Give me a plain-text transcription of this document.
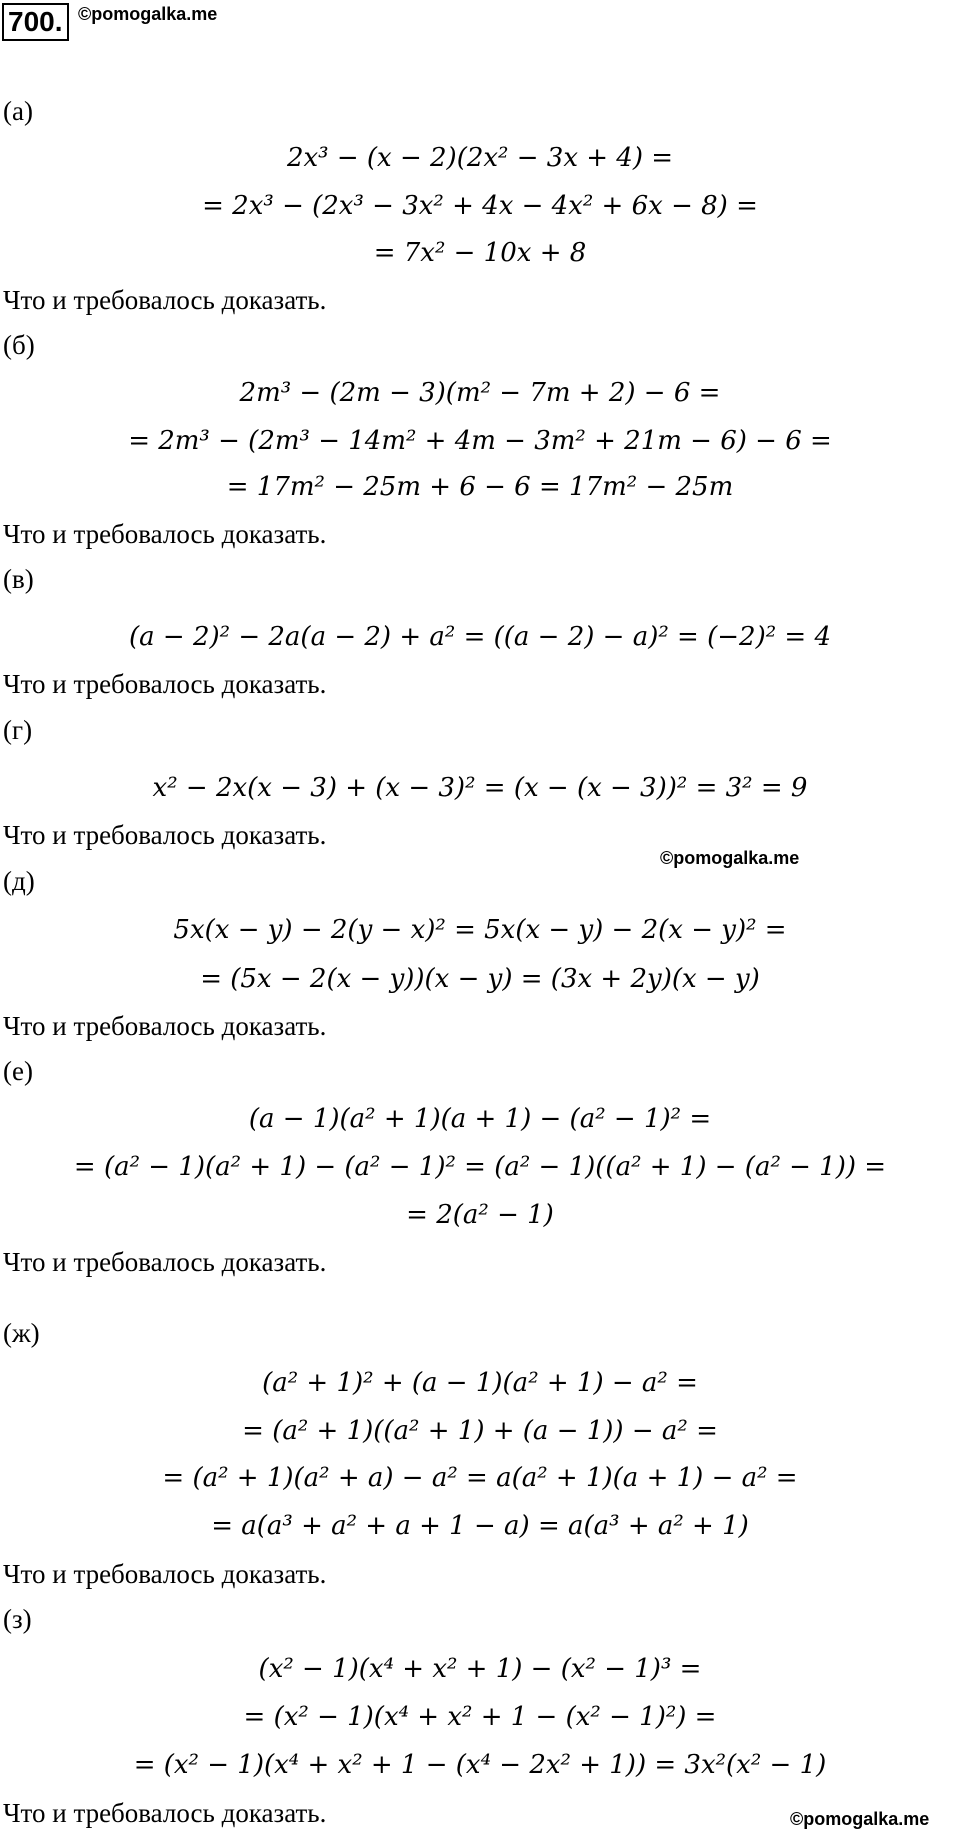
700. ©pomogalka.me
©pomogalka.me
©pomogalka.me
(а)
2x³ − (x − 2)(2x² − 3x + 4) =
= 2x³ − (2x³ − 3x² + 4x − 4x² + 6x − 8) =
= 7x² − 10x + 8
Что и требовалось доказать.
(б)
2m³ − (2m − 3)(m² − 7m + 2) − 6 =
= 2m³ − (2m³ − 14m² + 4m − 3m² + 21m − 6) − 6 =
= 17m² − 25m + 6 − 6 = 17m² − 25m
Что и требовалось доказать.
(в)
(a − 2)² − 2a(a − 2) + a² = ((a − 2) − a)² = (−2)² = 4
Что и требовалось доказать.
(г)
x² − 2x(x − 3) + (x − 3)² = (x − (x − 3))² = 3² = 9
Что и требовалось доказать.
(д)
5x(x − y) − 2(y − x)² = 5x(x − y) − 2(x − y)² =
= (5x − 2(x − y))(x − y) = (3x + 2y)(x − y)
Что и требовалось доказать.
(е)
(a − 1)(a² + 1)(a + 1) − (a² − 1)² =
= (a² − 1)(a² + 1) − (a² − 1)² = (a² − 1)((a² + 1) − (a² − 1)) =
= 2(a² − 1)
Что и требовалось доказать.
(ж)
(a² + 1)² + (a − 1)(a² + 1) − a² =
= (a² + 1)((a² + 1) + (a − 1)) − a² =
= (a² + 1)(a² + a) − a² = a(a² + 1)(a + 1) − a² =
= a(a³ + a² + a + 1 − a) = a(a³ + a² + 1)
Что и требовалось доказать.
(з)
(x² − 1)(x⁴ + x² + 1) − (x² − 1)³ =
= (x² − 1)(x⁴ + x² + 1 − (x² − 1)²) =
= (x² − 1)(x⁴ + x² + 1 − (x⁴ − 2x² + 1)) = 3x²(x² − 1)
Что и требовалось доказать.
